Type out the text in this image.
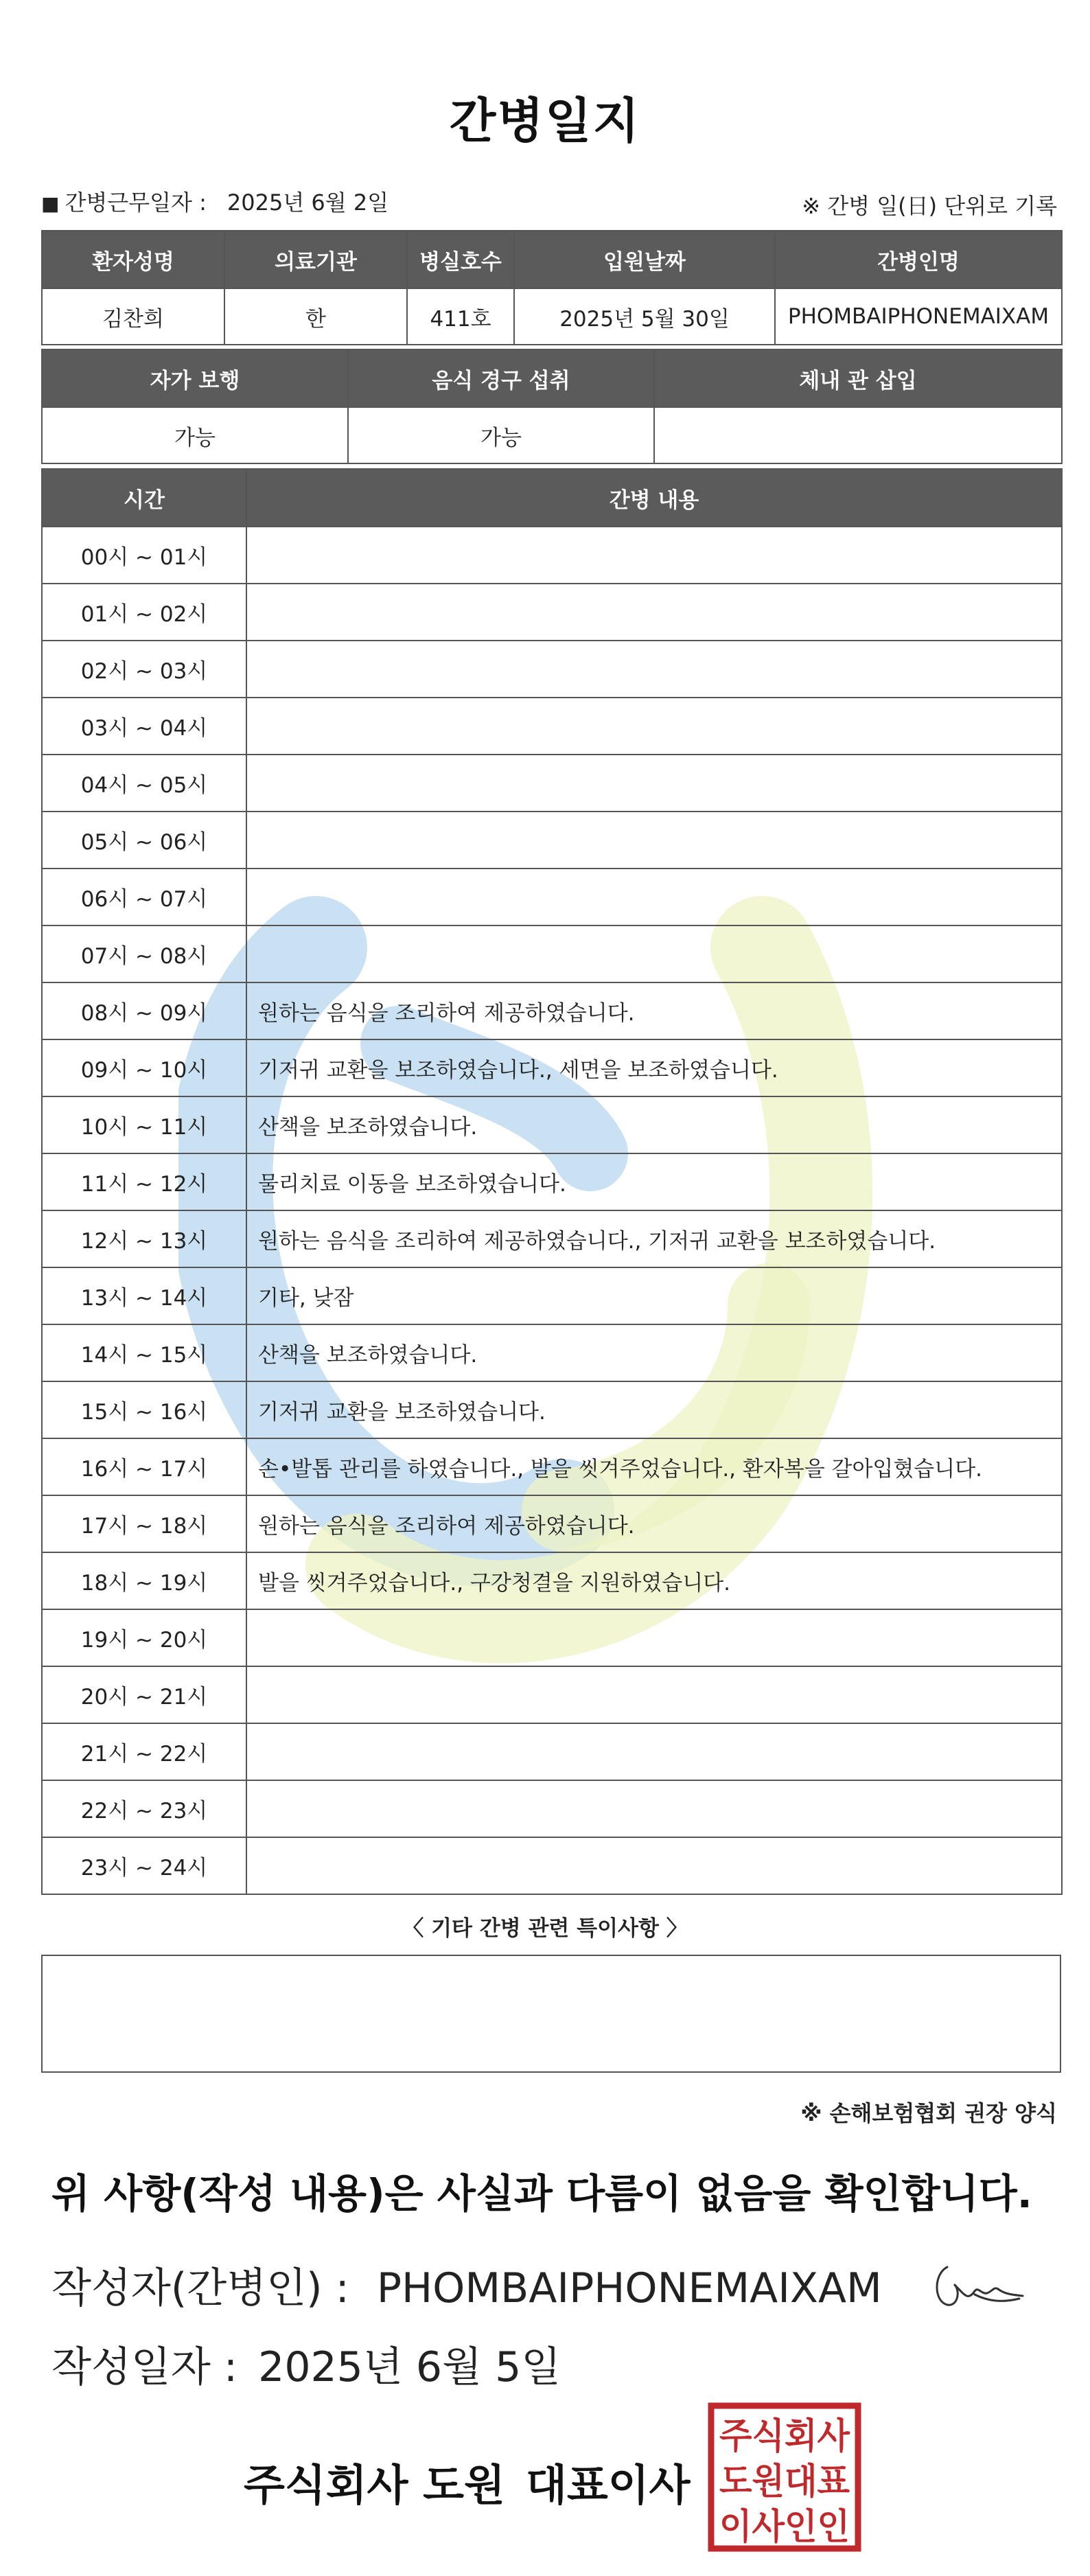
간병일지
■ 간병근무일자 : 2025년 6월 2일	※ 간병 일(日) 단위로 기록
환자성명	의료기관	병실호수	입원날짜	간병인명
김찬희	한	411호	2025년 5월 30일	PHOMBAIPHONEMAIXAM
자가 보행	음식 경구 섭취	체내 관 삽입
가능	가능	
시간	간병 내용
00시 ~ 01시	
01시 ~ 02시	
02시 ~ 03시	
03시 ~ 04시	
04시 ~ 05시	
05시 ~ 06시	
06시 ~ 07시	
07시 ~ 08시	
08시 ~ 09시	원하는 음식을 조리하여 제공하였습니다.
09시 ~ 10시	기저귀 교환을 보조하였습니다., 세면을 보조하였습니다.
10시 ~ 11시	산책을 보조하였습니다.
11시 ~ 12시	물리치료 이동을 보조하였습니다.
12시 ~ 13시	원하는 음식을 조리하여 제공하였습니다., 기저귀 교환을 보조하였습니다.
13시 ~ 14시	기타, 낮잠
14시 ~ 15시	산책을 보조하였습니다.
15시 ~ 16시	기저귀 교환을 보조하였습니다.
16시 ~ 17시	손•발톱 관리를 하였습니다., 발을 씻겨주었습니다., 환자복을 갈아입혔습니다.
17시 ~ 18시	원하는 음식을 조리하여 제공하였습니다.
18시 ~ 19시	발을 씻겨주었습니다., 구강청결을 지원하였습니다.
19시 ~ 20시	
20시 ~ 21시	
21시 ~ 22시	
22시 ~ 23시	
23시 ~ 24시	
〈 기타 간병 관련 특이사항 〉
※ 손해보험협회 권장 양식
위 사항(작성 내용)은 사실과 다름이 없음을 확인합니다.
작성자(간병인) : PHOMBAIPHONEMAIXAM
작성일자 : 2025년 6월 5일
주식회사 도원 대표이사
주식회사
도원대표
이사인인
